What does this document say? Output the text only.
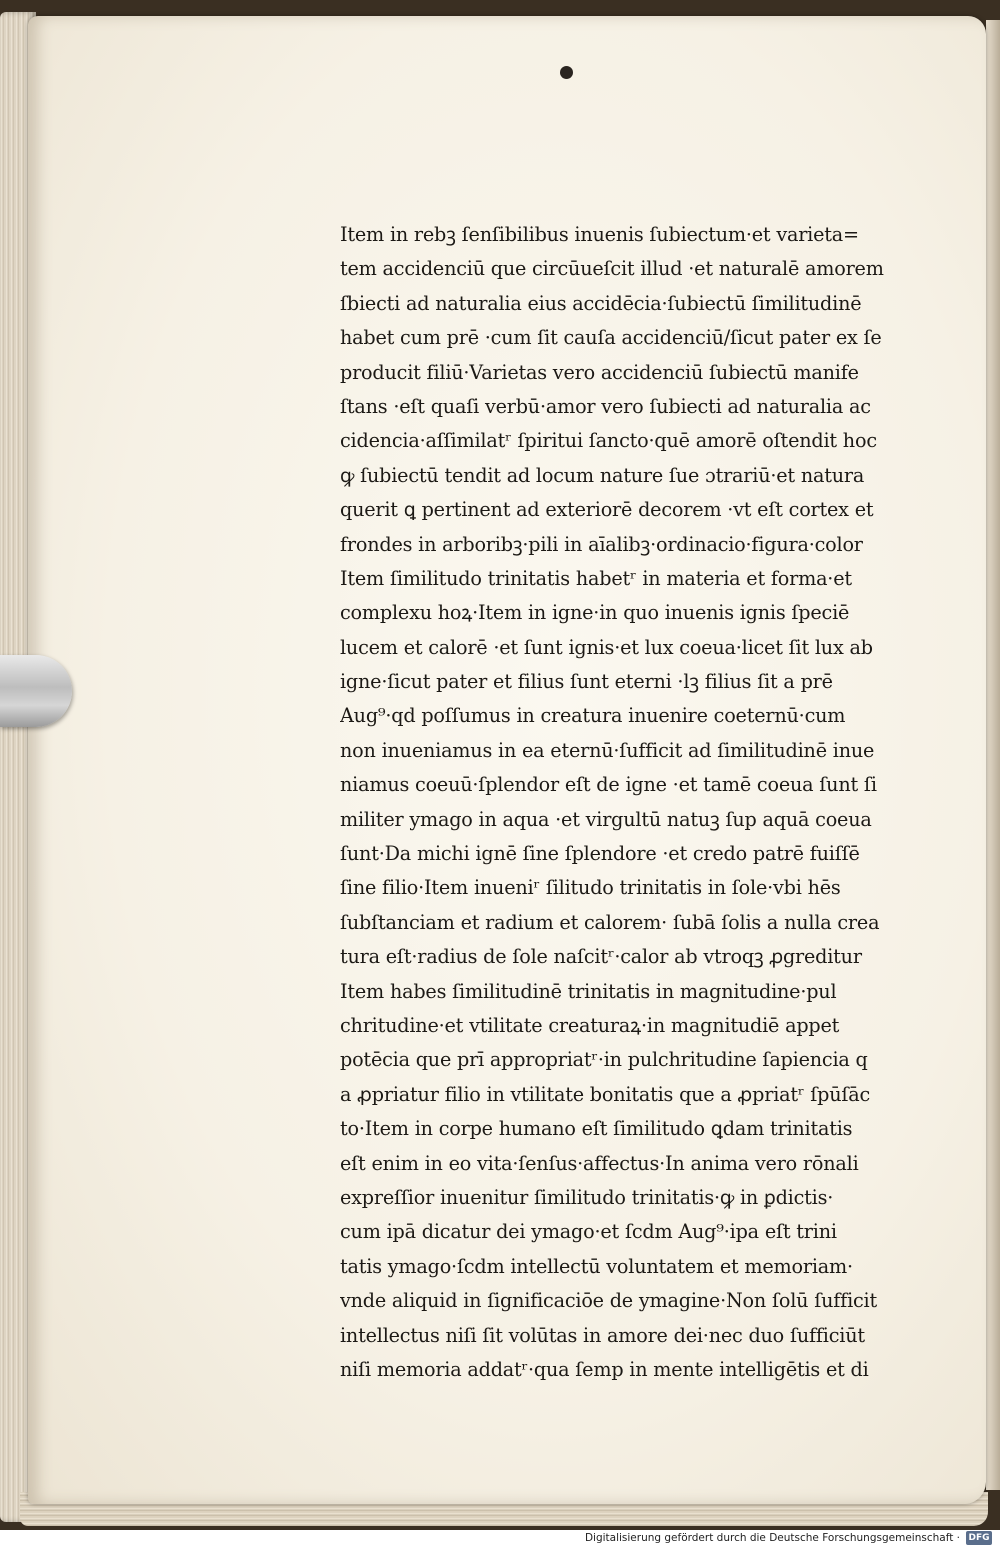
Item in rebꝫ ſenſibilibus inuenis ſubiectum·et varieta=
tem accidenciū que circūueſcit illud ·et naturalē amorem
ſbiecti ad naturalia eius accidēcia·ſubiectū ſimilitudinē
habet cum prē ·cum ſit cauſa accidenciū/ſicut pater ex ſe
producit filiū·Varietas vero accidenciū ſubiectū manife
ſtans ·eſt quaſi verbū·amor vero ſubiecti ad naturalia ac
cidencia·aſſimilatʳ ſpiritui ſancto·quē amorē oſtendit hoc
ꝙ ſubiectū tendit ad locum nature ſue ɔtrariū·et natura
querit ꝗ pertinent ad exteriorē decorem ·vt eſt cortex et
frondes in arboribꝫ·pili in aīalibꝫ·ordinacio·figura·color
Item ſimilitudo trinitatis habetʳ in materia et forma·et
complexu hoꝝ·Item in igne·in quo inuenis ignis ſpeciē
lucem et calorē ·et ſunt ignis·et lux coeua·licet ſit lux ab
igne·ſicut pater et filius ſunt eterni ·lꝫ filius ſit a prē
Aug⁹·qd poſſumus in creatura inuenire coeternū·cum
non inueniamus in ea eternū·ſufficit ad ſimilitudinē inue
niamus coeuū·ſplendor eſt de igne ·et tamē coeua ſunt ſi
militer ymago in aqua ·et virgultū natuꝫ ſup aquā coeua
ſunt·Da michi ignē ſine ſplendore ·et credo patrē fuiſſē
ſine filio·Item inueniʳ ſilitudo trinitatis in ſole·vbi hēs
ſubſtanciam et radium et calorem· ſubā ſolis a nulla crea
tura eſt·radius de ſole naſcitʳ·calor ab vtroqꝫ ꝓgreditur
Item habes ſimilitudinē trinitatis in magnitudine·pul
chritudine·et vtilitate creaturaꝝ·in magnitudiē appet
potēcia que prī appropriatʳ·in pulchritudine ſapiencia q
a ꝓpriatur filio in vtilitate bonitatis que a ꝓpriatʳ ſpūſāc
to·Item in corpe humano eſt ſimilitudo ꝗdam trinitatis
eſt enim in eo vita·ſenſus·affectus·In anima vero rōnali
expreſſior inuenitur ſimilitudo trinitatis·ꝙ in ꝑdictis·
cum ipā dicatur dei ymago·et ſcdm Aug⁹·ipa eſt trini
tatis ymago·ſcdm intellectū voluntatem et memoriam·
vnde aliquid in ſignificaciōe de ymagine·Non ſolū ſufficit
intellectus niſi ſit volūtas in amore dei·nec duo ſufficiūt
niſi memoria addatʳ·qua ſemp in mente intelligētis et di
Digitalisierung gefördert durch die Deutsche Forschungsgemeinschaft · DFG
